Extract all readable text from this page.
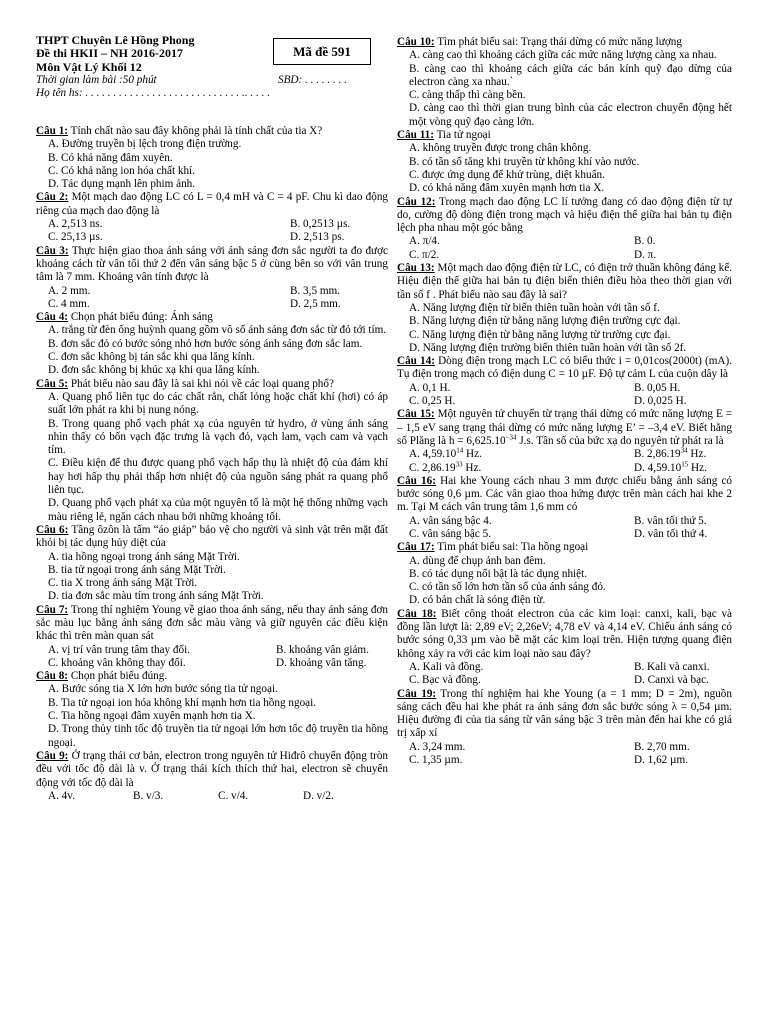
THPT Chuyên Lê Hồng Phong
Đề thi HKII – NH 2016-2017
Môn Vật Lý Khối 12
Thời gian làm bài :50 phút	SBD: . . . . . . . .
Họ tên hs: . . . . . . . . . . . . . . . . . . . . . . . . . . . . .. . . . .
Mã đề 591
Câu 1: Tính chất nào sau đây không phải là tính chất của tia X?
A. Đường truyền bị lệch trong điện trường.
B. Có khả năng đâm xuyên.
C. Có khả năng ion hóa chất khí.
D. Tác dụng mạnh lên phim ảnh.
Câu 2: Một mạch dao động LC có L = 0,4 mH và C = 4 pF. Chu kì dao động riêng của mạch dao động là
A. 2,513 ns.	B. 0,2513 µs.
C. 25,13 µs.	D. 2,513 ps.
Câu 3: Thực hiện giao thoa ánh sáng với ánh sáng đơn sắc người ta đo được khoảng cách từ vân tối thứ 2 đến vân sáng bậc 5 ở cùng bên so với vân trung tâm là 7 mm. Khoảng vân tính được là
A. 2 mm.	B. 3,5 mm.
C. 4 mm.	D. 2,5 mm.
Câu 4: Chọn phát biểu đúng: Ánh sáng
A. trắng từ đèn ống huỳnh quang gồm vô số ánh sáng đơn sắc từ đỏ tới tím.
B. đơn sắc đỏ có bước sóng nhỏ hơn bước sóng ánh sáng đơn sắc lam.
C. đơn sắc không bị tán sắc khi qua lăng kính.
D. đơn sắc không bị khúc xạ khi qua lăng kính.
Câu 5: Phát biểu nào sau đây là sai khi nói về các loại quang phổ?
A. Quang phổ liên tục do các chất rắn, chất lỏng hoặc chất khí (hơi) có áp suất lớn phát ra khi bị nung nóng.
B. Trong quang phổ vạch phát xạ của nguyên tử hydro, ở vùng ánh sáng nhìn thấy có bốn vạch đặc trưng là vạch đỏ, vạch lam, vạch cam và vạch tím.
C. Điều kiện để thu được quang phổ vạch hấp thụ là nhiệt độ của đám khí hay hơi hấp thụ phải thấp hơn nhiệt độ của nguồn sáng phát ra quang phổ liên tục.
D. Quang phổ vạch phát xạ của một nguyên tố là một hệ thống những vạch màu riêng lẻ, ngăn cách nhau bởi những khoảng tối.
Câu 6: Tầng ôzôn là tấm “áo giáp” bảo vệ cho người và sinh vật trên mặt đất khỏi bị tác dụng hủy diệt của
A. tia hồng ngoại trong ánh sáng Mặt Trời.
B. tia tử ngoại trong ánh sáng Mặt Trời.
C. tia X trong ánh sáng Mặt Trời.
D. tia đơn sắc màu tím trong ánh sáng Mặt Trời.
Câu 7: Trong thí nghiệm Young về giao thoa ánh sáng, nếu thay ánh sáng đơn sắc màu lục bằng ánh sáng đơn sắc màu vàng và giữ nguyên các điều kiện khác thì trên màn quan sát
A. vị trí vân trung tâm thay đổi.	B. khoảng vân giảm.
C. khoảng vân không thay đổi.	D. khoảng vân tăng.
Câu 8: Chọn phát biểu đúng.
A. Bước sóng tia X lớn hơn bước sóng tia tử ngoại.
B. Tia tử ngoại ion hóa không khí mạnh hơn tia hồng ngoại.
C. Tia hồng ngoại đâm xuyên mạnh hơn tia X.
D. Trong thủy tinh tốc độ truyền tia tử ngoại lớn hơn tốc độ truyền tia hồng ngoại.
Câu 9: Ở trạng thái cơ bản, electron trong nguyên tử Hiđrô chuyển động tròn đều với tốc độ dài là v. Ở trạng thái kích thích thứ hai, electron sẽ chuyển động với tốc độ dài là
A. 4v.	B. v/3.	C. v/4.	D. v/2.
Câu 10: Tìm phát biểu sai: Trạng thái dừng có mức năng lượng
A. càng cao thì khoảng cách giữa các mức năng lượng càng xa nhau.
B. càng cao thì khoảng cách giữa các bán kính quỹ đạo dừng của electron càng xa nhau.`
C. càng thấp thì càng bền.
D. càng cao thì thời gian trung bình của các electron chuyển động hết một vòng quỹ đạo càng lớn.
Câu 11: Tia tử ngoại
A. không truyền được trong chân không.
B. có tần số tăng khi truyền từ không khí vào nước.
C. được ứng dụng để khử trùng, diệt khuẩn.
D. có khả năng đâm xuyên mạnh hơn tia X.
Câu 12: Trong mạch dao động LC lí tưởng đang có dao động điện từ tự do, cường độ dòng điện trong mạch và hiệu điện thế giữa hai bản tụ điện lệch pha nhau một góc bằng
A. π/4.	B. 0.
C. π/2.	D. π.
Câu 13: Một mạch dao động điện từ LC, có điện trở thuần không đáng kể. Hiệu điện thế giữa hai bản tụ điện biến thiên điều hòa theo thời gian với tần số f . Phát biểu nào sau đây là sai?
A. Năng lượng điện từ biến thiên tuần hoàn với tần số f.
B. Năng lượng điện từ bằng năng lượng điện trường cực đại.
C. Năng lượng điện từ bằng năng lượng từ trường cực đại.
D. Năng lượng điện trường biến thiên tuần hoàn với tần số 2f.
Câu 14: Dòng điện trong mạch LC có biểu thức i = 0,01cos(2000t) (mA). Tụ điện trong mạch có điện dung C = 10 µF. Độ tự cảm L của cuộn dây là
A. 0,1 H.	B. 0,05 H.
C. 0,25 H.	D. 0,025 H.
Câu 15: Một nguyên tử chuyển từ trạng thái dừng có mức năng lượng E = – 1,5 eV sang trạng thái dừng có mức năng lượng E’ = –3,4 eV. Biết hằng số Plăng là $h = 6,625.10^{-34}$ J.s. Tần số của bức xạ do nguyên tử phát ra là
A. 4,59.10$^{14}$ Hz.	B. 2,86.19$^{34}$ Hz.
C. 2,86.19$^{33}$ Hz.	D. 4,59.10$^{15}$ Hz.
Câu 16: Hai khe Young cách nhau 3 mm được chiếu bằng ánh sáng có bước sóng 0,6 µm. Các vân giao thoa hứng được trên màn cách hai khe 2 m. Tại M cách vân trung tâm 1,6 mm có
A. vân sáng bậc 4.	B. vân tối thứ 5.
C. vân sáng bậc 5.	D. vân tối thứ 4.
Câu 17: Tìm phát biểu sai: Tia hồng ngoại
A. dùng để chụp ảnh ban đêm.
B. có tác dụng nổi bật là tác dụng nhiệt.
C. có tần số lớn hơn tần số của ánh sáng đỏ.
D. có bản chất là sóng điện từ.
Câu 18: Biết công thoát electron của các kim loại: canxi, kali, bạc và đồng lần lượt là: 2,89 eV; 2,26eV; 4,78 eV và 4,14 eV. Chiếu ánh sáng có bước sóng 0,33 µm vào bề mặt các kim loại trên. Hiện tượng quang điện không xảy ra với các kim loại nào sau đây?
A. Kali và đồng.	B. Kali và canxi.
C. Bạc và đồng.	D. Canxi và bạc.
Câu 19: Trong thí nghiệm hai khe Young (a = 1 mm; D = 2m), nguồn sáng cách đều hai khe phát ra ánh sáng đơn sắc bước sóng λ = 0,54 µm. Hiệu đường đi của tia sáng từ vân sáng bậc 3 trên màn đến hai khe có giá trị xấp xỉ
A. 3,24 mm.	B. 2,70 mm.
C. 1,35 µm.	D. 1,62 µm.
